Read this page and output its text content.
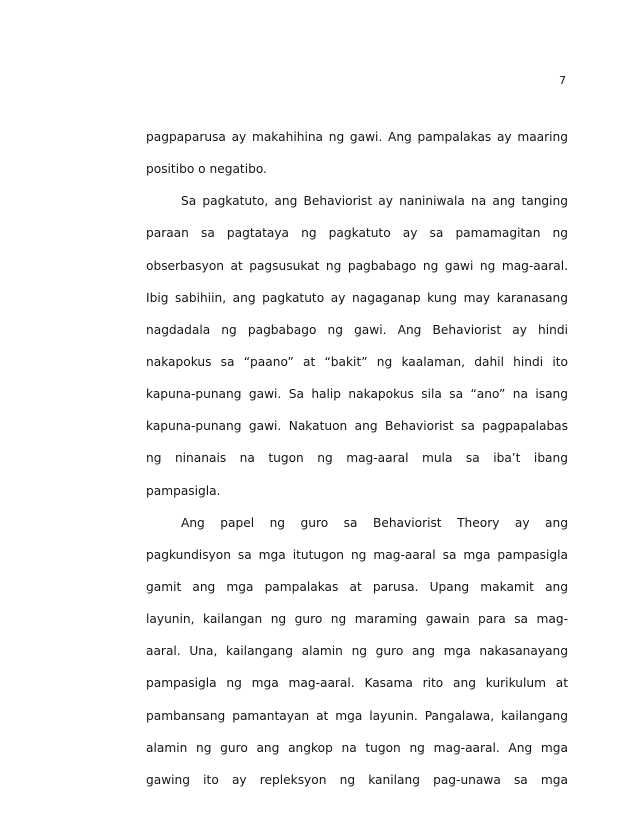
7
pagpaparusa ay makahihina ng gawi. Ang pampalakas ay maaring
positibo o negatibo.
Sa pagkatuto, ang Behaviorist ay naniniwala na ang tanging
paraan sa pagtataya ng pagkatuto ay sa pamamagitan ng
obserbasyon at pagsusukat ng pagbabago ng gawi ng mag-aaral.
Ibig sabihiin, ang pagkatuto ay nagaganap kung may karanasang
nagdadala ng pagbabago ng gawi. Ang Behaviorist ay hindi
nakapokus sa “paano” at “bakit” ng kaalaman, dahil hindi ito
kapuna-punang gawi. Sa halip nakapokus sila sa “ano” na isang
kapuna-punang gawi. Nakatuon ang Behaviorist sa pagpapalabas
ng ninanais na tugon ng mag-aaral mula sa iba’t ibang
pampasigla.
Ang papel ng guro sa Behaviorist Theory ay ang
pagkundisyon sa mga itutugon ng mag-aaral sa mga pampasigla
gamit ang mga pampalakas at parusa. Upang makamit ang
layunin, kailangan ng guro ng maraming gawain para sa mag-
aaral. Una, kailangang alamin ng guro ang mga nakasanayang
pampasigla ng mga mag-aaral. Kasama rito ang kurikulum at
pambansang pamantayan at mga layunin. Pangalawa, kailangang
alamin ng guro ang angkop na tugon ng mag-aaral. Ang mga
gawing ito ay repleksyon ng kanilang pag-unawa sa mga
